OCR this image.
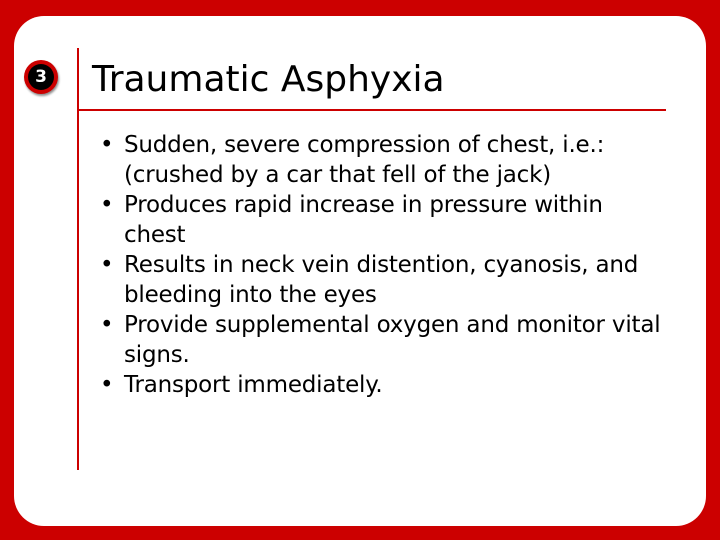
3 Traumatic Asphyxia
• Sudden, severe compression of chest, i.e.: (crushed by a car that fell of the jack)
• Produces rapid increase in pressure within chest
• Results in neck vein distention, cyanosis, and bleeding into the eyes
• Provide supplemental oxygen and monitor vital signs.
• Transport immediately.
